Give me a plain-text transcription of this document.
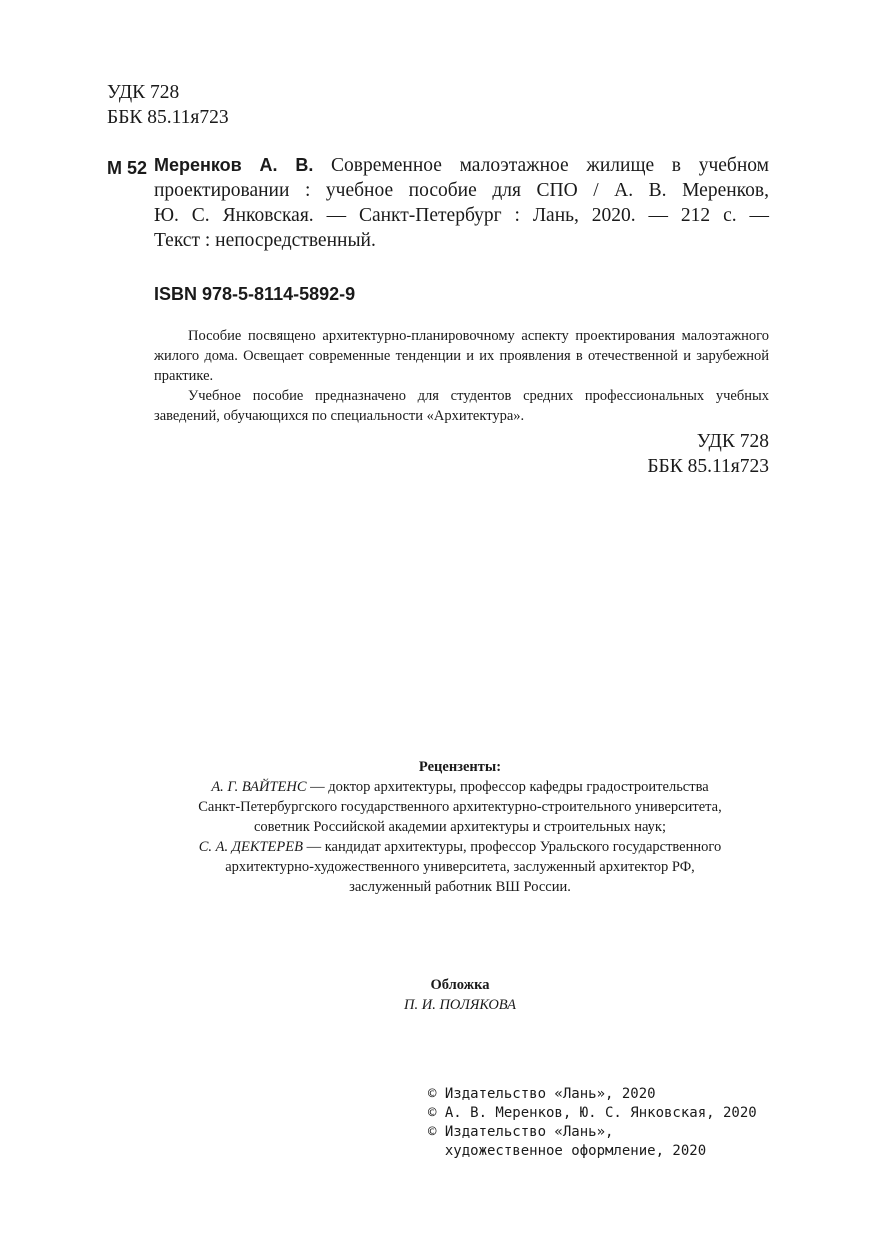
УДК 728
ББК 85.11я723
М 52 Меренков А. В. Современное малоэтажное жилище в учебном
проектировании : учебное пособие для СПО / А. В. Меренков,
Ю. С. Янковская. — Санкт-Петербург : Лань, 2020. — 212 с. —
Текст : непосредственный.
ISBN 978-5-8114-5892-9

Пособие посвящено архитектурно-планировочному аспекту проектирования малоэтажного жилого дома. Освещает современные тенденции и их проявления в отечественной и зарубежной практике.

Учебное пособие предназначено для студентов средних профессиональных учебных заведений, обучающихся по специальности «Архитектура».

УДК 728
ББК 85.11я723
Рецензенты:
А. Г. ВАЙТЕНС — доктор архитектуры, профессор кафедры градостроительства
Санкт-Петербургского государственного архитектурно-строительного университета,
советник Российской академии архитектуры и строительных наук;
С. А. ДЕКТЕРЕВ — кандидат архитектуры, профессор Уральского государственного
архитектурно-художественного университета, заслуженный архитектор РФ,
заслуженный работник ВШ России.
Обложка
П. И. ПОЛЯКОВА
© Издательство «Лань», 2020
© А. В. Меренков, Ю. С. Янковская, 2020
© Издательство «Лань»,
художественное оформление, 2020
